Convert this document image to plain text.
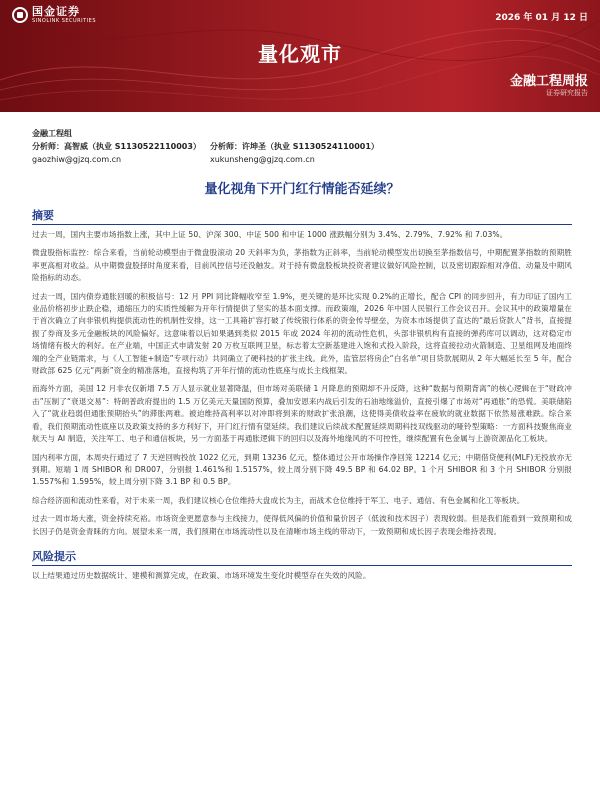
国金证券
SINOLINK SECURITIES	2026 年 01 月 12 日
量化观市
金融工程周报
证券研究报告
金融工程组
分析师：高智威（执业 S1130522110003）
gaozhiw@gjzq.com.cn
分析师：许坤圣（执业 S1130524110001）
xukunsheng@gjzq.com.cn
量化视角下开门红行情能否延续？
摘要

过去一周，国内主要市场指数上涨，其中上证 50、沪深 300、中证 500 和中证 1000 涨跌幅分别为 3.4%、2.79%、7.92% 和 7.03%。

微盘股指标监控：综合来看，当前轮动模型由于微盘股滚动 20 天斜率为负，茅指数为正斜率，当前轮动模型发出切换至茅指数信号，中期配置茅指数的预期胜率更高相对收益。从中期微盘股择时角度来看，目前风控信号还没触发。对于持有微盘股板块投资者建议做好风险控制，以及密切跟踪相对净值、动量及中期风险指标的动态。

过去一周，国内债券通胀回暖的积极信号：12 月 PPI 同比降幅收窄至 1.9%，更关键的是环比实现 0.2%的正增长，配合 CPI 的同步回升，有力印证了国内工业品价格初步止跌企稳，通缩压力的实质性缓解为开年行情提供了坚实的基本面支撑。而政策端，2026 年中国人民银行工作会议召开。会议其中的政策增量在于首次确立了向非银机构提供流动性的机制性安排，这一工具箱扩容打破了传统银行体系的资金传导壁垒，为资本市场提供了直达的“最后贷款人”背书，直接提振了券商及多元金融板块的风险偏好。这意味着以后如果遇到类似 2015 年或 2024 年初的流动性危机，头部非银机构有直接的弹药库可以调动，这对稳定市场情绪有极大的利好。在产业端，中国正式申请发射 20 万枚互联网卫星，标志着太空新基建进入饱和式投入阶段，这将直接拉动火箭制造、卫星组网及地面终端的全产业链需求，与《人工智能+制造”专项行动》共同确立了硬科技的扩张主线。此外，监管层将房企“白名单”项目贷款展期从 2 年大幅延长至 5 年，配合财政部 625 亿元“两新”资金的精准落地，直接构筑了开年行情的流动性底座与成长主线框架。

而海外方面，美国 12 月非农仅新增 7.5 万人显示就业显著降温，但市场对美联储 1 月降息的预期却不升反降，这种“数据与预期背离”的核心逻辑在于“财政冲击”压制了“衰退交易”：特朗普政府提出的 1.5 万亿美元天量国防预算，叠加安恩来内战后引发的石油地缘溢价，直接引爆了市场对“再通胀”的恐慌。美联储陷入了“就业趋弱但通胀预期抬头”的滞胀两难。被迫维持高利率以对冲即将到来的财政扩张浪潮，这使得美债收益率在疲软的就业数据下依然易涨难跌。综合来看，我们预期流动性底座以及政策支持的多方利好下，开门红行情有望延续。我们建议后续战术配置延续周期科技双线驱动的哑铃型策略：一方面科技聚焦商业航天与 AI 制造，关注军工、电子和通信板块，另一方面基于再通胀逻辑下的回归以及海外地缘风的不可控性，继续配置有色金属与上游资源品化工板块。

国内利率方面，本周央行通过了 7 天逆回购投放 1022 亿元，到期 13236 亿元，整体通过公开市场操作净回笼 12214 亿元；中期借贷便利(MLF)无投放亦无到期。短端 1 周 SHIBOR 和 DR007，分别报 1.461%和 1.5157%，较上周分别下降 49.5 BP 和 64.02 BP。1 个月 SHIBOR 和 3 个月 SHIBOR 分别报 1.557%和 1.595%，较上周分别下降 3.1 BP 和 0.5 BP。

综合经济面和流动性来看，对于未来一周，我们建议核心仓位维持大盘成长为主，而战术仓位维持于军工、电子、通信、有色金属和化工等板块。

过去一周市场大涨，资金持续充裕。市场资金更愿意参与主线接力，使得低风偏的价值和量价因子（低波和技术因子）表现较弱。但是我们能看到一致预期和成长因子仍是资金青睐的方向。展望未来一周，我们预期在市场流动性以及在清晰市场主线的带动下，一致预期和成长因子表现会维持表现。

风险提示

以上结果通过历史数据统计、建模和测算完成，在政策、市场环境发生变化时模型存在失效的风险。
